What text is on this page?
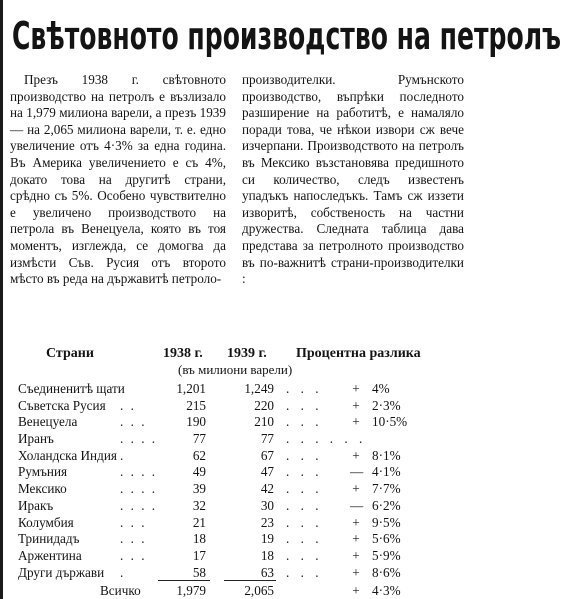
Свѣтовното производство на петролъ

Презъ 1938 г. свѣтовното производство на петролъ е възлизало на 1,979 милиона варели, а презъ 1939 — на 2,065 милиона варели, т. е. едно увеличение отъ 4·3% за една година. Въ Америка увеличението е съ 4%, докато това на другитѣ страни, срѣдно съ 5%. Особено чувствително е увеличено производството на петрола въ Венецуела, която въ тоя моментъ, изглежда, се домогва да измѣсти Съв. Русия отъ второто мѣсто въ реда на държавитѣ петроло-

производителки. Румънското производство, въпрѣки последното разширение на работитѣ, е намаляло поради това, че нѣкои извори сж вече изчерпани. Производството на петролъ въ Мексико възстановява предишното си количество, следъ известенъ упадъкъ напоследъкъ. Тамъ сж иззети изворитѣ, собственость на частни дружества. Следната таблица дава представа за петролното производство въ по-важнитѣ страни-производителки :

Страни	1938 г. 1939 г. Процентна разлика
(въ милиони варели)
Съединенитѣ щати	1,201	1,249 . . . + 4%
Съветска Русия . .	215	220 . . . + 2·3%
Венецуела	. . .	190	210 . . . + 10·5%
Иранъ	. . . .	77	77 . . . . . .
Холандска Индия .	62	67 . . . + 8·1%
Румъния	. . . .	49	47 . . . — 4·1%
Мексико	. . . .	39	42 . . . + 7·7%
Иракъ	. . . .	32	30 . . . — 6·2%
Колумбия	. . .	21	23 . . . + 9·5%
Тринидадъ	. . .	18	19 . . . + 5·6%
Аржентина	. . .	17	18 . . . + 5·9%
Други държави .	58	63 . . . + 8·6%
Всичко	1,979	2,065	+ 4·3%
